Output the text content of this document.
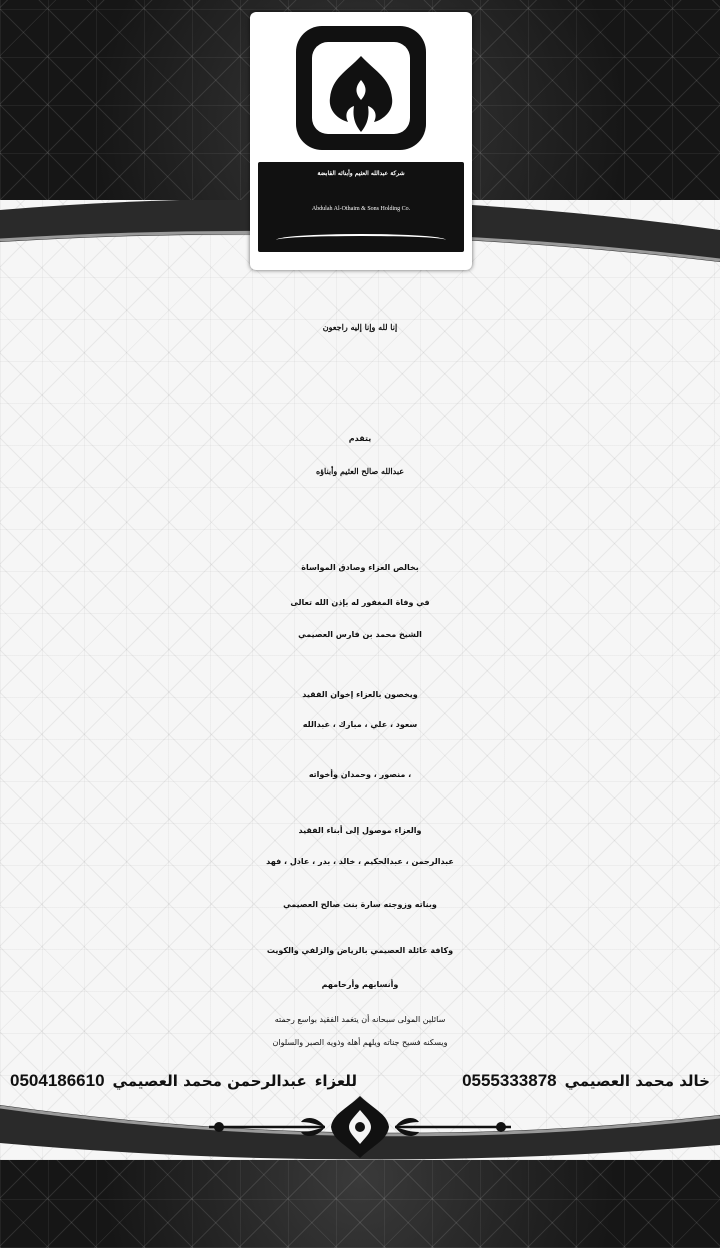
شركة عبدالله العثيم وأبنائه القابضة
Abdulah Al-Othaim & Sons Holding Co.
إنا لله وإنا إليه راجعون
يتقدم
عبدالله صالح العثيم وأبناؤه
بخالص العزاء وصادق المواساة
في وفاة المغفور له بإذن الله تعالى
الشيخ محمد بن فارس العصيمي
ويخصون بالعزاء إخوان الفقيد
سعود ، علي ، مبارك ، عبدالله
، منصور ، وحمدان وأخواته
والعزاء موصول إلى أبناء الفقيد
عبدالرحمن ، عبدالحكيم ، خالد ، بدر ، عادل ، فهد
وبناته وزوجته سارة بنت صالح العصيمي
وكافة عائلة العصيمي بالرياض والزلفي والكويت
وأنسابهم وأرحامهم
سائلين المولى سبحانه أن يتغمد الفقيد بواسع رحمته
ويسكنه فسيح جناته ويلهم أهله وذويه الصبر والسلوان
للعزاء
عبدالرحمن محمد العصيمي
0504186610	خالد محمد العصيمي
0555333878
